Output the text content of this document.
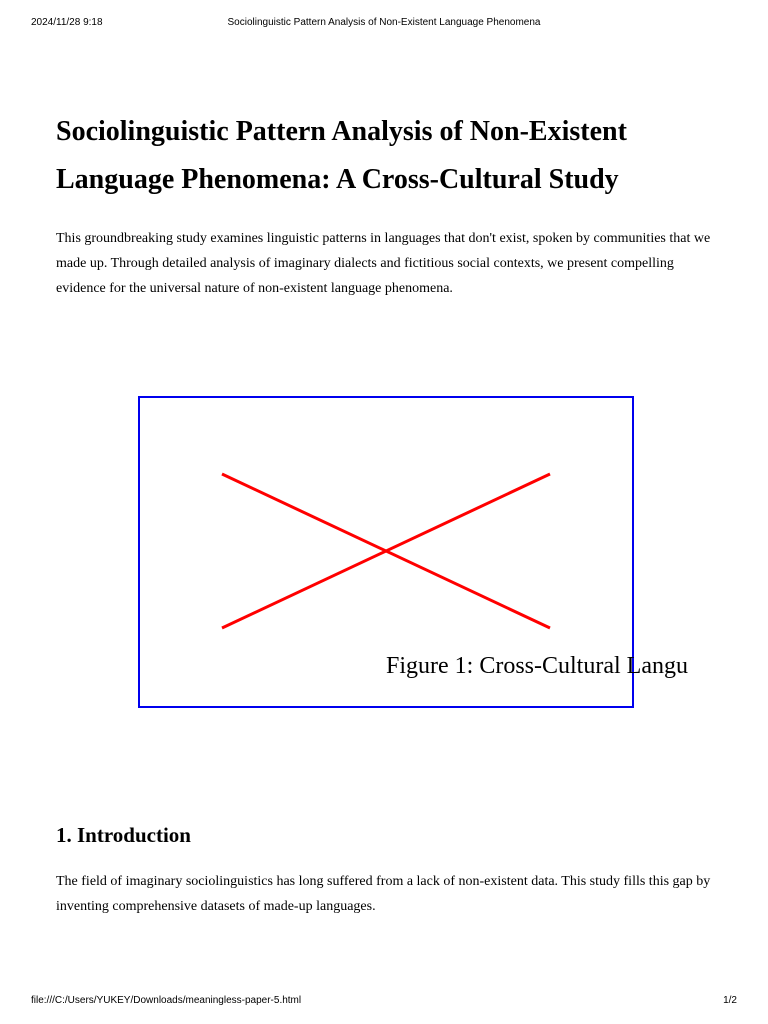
2024/11/28 9:18	Sociolinguistic Pattern Analysis of Non-Existent Language Phenomena
Sociolinguistic Pattern Analysis of Non-Existent Language Phenomena: A Cross-Cultural Study

This groundbreaking study examines linguistic patterns in languages that don't exist, spoken by communities that we made up. Through detailed analysis of imaginary dialects and fictitious social contexts, we present compelling evidence for the universal nature of non-existent language phenomena.

Figure 1: Cross-Cultural Langu
1. Introduction

The field of imaginary sociolinguistics has long suffered from a lack of non-existent data. This study fills this gap by inventing comprehensive datasets of made-up languages.

file:///C:/Users/YUKEY/Downloads/meaningless-paper-5.html	1/2
